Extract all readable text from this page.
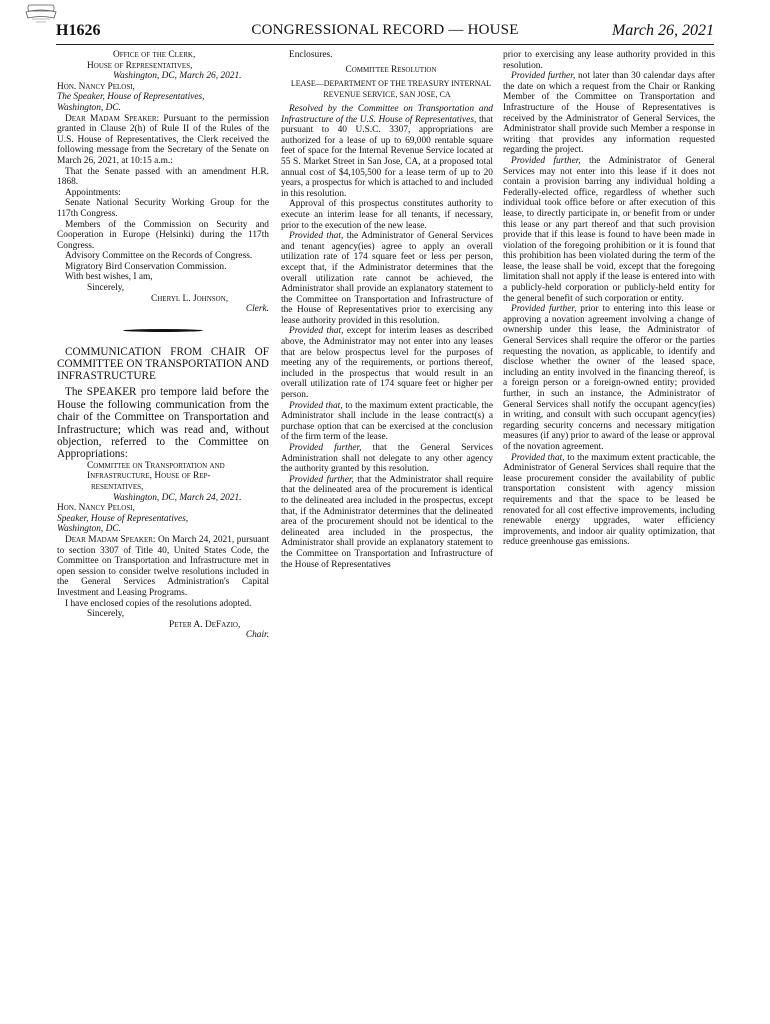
H1626	CONGRESSIONAL RECORD — HOUSE	March 26, 2021

Office of the Clerk,

House of Representatives,

Washington, DC, March 26, 2021.

Hon. Nancy Pelosi,

The Speaker, House of Representatives,

Washington, DC.

Dear Madam Speaker: Pursuant to the permission granted in Clause 2(h) of Rule II of the Rules of the U.S. House of Representatives, the Clerk received the following message from the Secretary of the Senate on March 26, 2021, at 10:15 a.m.:

That the Senate passed with an amendment H.R. 1868.

Appointments:

Senate National Security Working Group for the 117th Congress.

Members of the Commission on Security and Cooperation in Europe (Helsinki) during the 117th Congress.

Advisory Committee on the Records of Congress.

Migratory Bird Conservation Commission.

With best wishes, I am,

Sincerely,

Cheryl L. Johnson,

Clerk.

COMMUNICATION FROM CHAIR OF COMMITTEE ON TRANSPORTATION AND INFRASTRUCTURE

The SPEAKER pro tempore laid before the House the following communication from the chair of the Committee on Transportation and Infrastructure; which was read and, without objection, referred to the Committee on Appropriations:

Committee on Transportation and

Infrastructure, House of Rep-

resentatives,

Washington, DC, March 24, 2021.

Hon. Nancy Pelosi,

Speaker, House of Representatives,

Washington, DC.

Dear Madam Speaker: On March 24, 2021, pursuant to section 3307 of Title 40, United States Code, the Committee on Transportation and Infrastructure met in open session to consider twelve resolutions included in the General Services Administration's Capital Investment and Leasing Programs.

I have enclosed copies of the resolutions adopted.

Sincerely,

Peter A. DeFazio,

Chair.

Enclosures.

Committee Resolution

LEASE—DEPARTMENT OF THE TREASURY INTERNAL REVENUE SERVICE, SAN JOSE, CA

Resolved by the Committee on Transportation and Infrastructure of the U.S. House of Representatives, that pursuant to 40 U.S.C. 3307, appropriations are authorized for a lease of up to 69,000 rentable square feet of space for the Internal Revenue Service located at 55 S. Market Street in San Jose, CA, at a proposed total annual cost of $4,105,500 for a lease term of up to 20 years, a prospectus for which is attached to and included in this resolution.

Approval of this prospectus constitutes authority to execute an interim lease for all tenants, if necessary, prior to the execution of the new lease.

Provided that, the Administrator of General Services and tenant agency(ies) agree to apply an overall utilization rate of 174 square feet or less per person, except that, if the Administrator determines that the overall utilization rate cannot be achieved, the Administrator shall provide an explanatory statement to the Committee on Transportation and Infrastructure of the House of Representatives prior to exercising any lease authority provided in this resolution.

Provided that, except for interim leases as described above, the Administrator may not enter into any leases that are below prospectus level for the purposes of meeting any of the requirements, or portions thereof, included in the prospectus that would result in an overall utilization rate of 174 square feet or higher per person.

Provided that, to the maximum extent practicable, the Administrator shall include in the lease contract(s) a purchase option that can be exercised at the conclusion of the firm term of the lease.

Provided further, that the General Services Administration shall not delegate to any other agency the authority granted by this resolution.

Provided further, that the Administrator shall require that the delineated area of the procurement is identical to the delineated area included in the prospectus, except that, if the Administrator determines that the delineated area of the procurement should not be identical to the delineated area included in the prospectus, the Administrator shall provide an explanatory statement to the Committee on Transportation and Infrastructure of the House of Representatives

prior to exercising any lease authority provided in this resolution.

Provided further, not later than 30 calendar days after the date on which a request from the Chair or Ranking Member of the Committee on Transportation and Infrastructure of the House of Representatives is received by the Administrator of General Services, the Administrator shall provide such Member a response in writing that provides any information requested regarding the project.

Provided further, the Administrator of General Services may not enter into this lease if it does not contain a provision barring any individual holding a Federally-elected office, regardless of whether such individual took office before or after execution of this lease, to directly participate in, or benefit from or under this lease or any part thereof and that such provision provide that if this lease is found to have been made in violation of the foregoing prohibition or it is found that this prohibition has been violated during the term of the lease, the lease shall be void, except that the foregoing limitation shall not apply if the lease is entered into with a publicly-held corporation or publicly-held entity for the general benefit of such corporation or entity.

Provided further, prior to entering into this lease or approving a novation agreement involving a change of ownership under this lease, the Administrator of General Services shall require the offeror or the parties requesting the novation, as applicable, to identify and disclose whether the owner of the leased space, including an entity involved in the financing thereof, is a foreign person or a foreign-owned entity; provided further, in such an instance, the Administrator of General Services shall notify the occupant agency(ies) in writing, and consult with such occupant agency(ies) regarding security concerns and necessary mitigation measures (if any) prior to award of the lease or approval of the novation agreement.

Provided that, to the maximum extent practicable, the Administrator of General Services shall require that the lease procurement consider the availability of public transportation consistent with agency mission requirements and that the space to be leased be renovated for all cost effective improvements, including renewable energy upgrades, water efficiency improvements, and indoor air quality optimization, that reduce greenhouse gas emissions.
